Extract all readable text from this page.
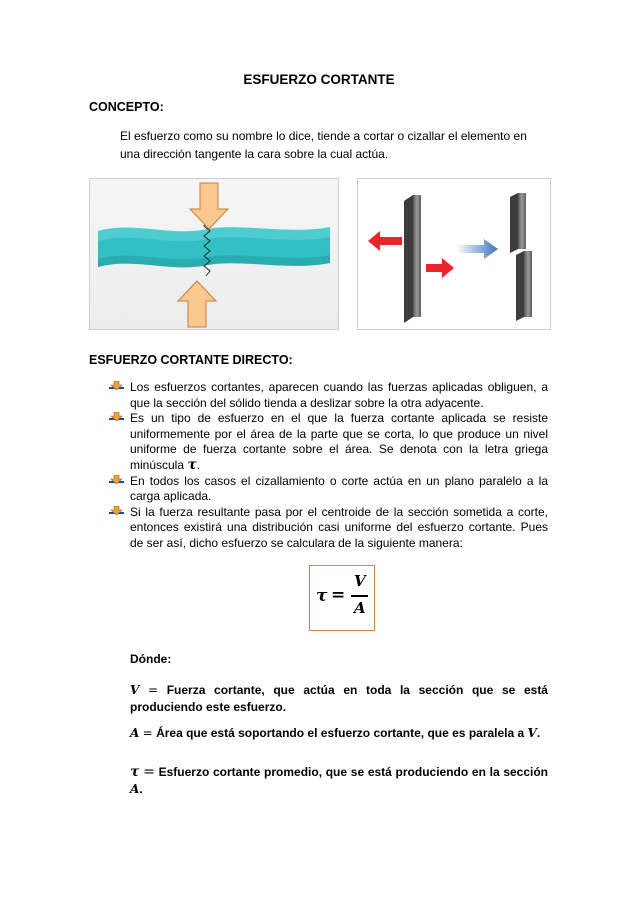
ESFUERZO CORTANTE
CONCEPTO:
El esfuerzo como su nombre lo dice, tiende a cortar o cizallar el elemento en una dirección tangente la cara sobre la cual actúa.
ESFUERZO CORTANTE DIRECTO:
Los esfuerzos cortantes, aparecen cuando las fuerzas aplicadas obliguen, a que la sección del sólido tienda a deslizar sobre la otra adyacente.
Es un tipo de esfuerzo en el que la fuerza cortante aplicada se resiste uniformemente por el área de la parte que se corta, lo que produce un nivel uniforme de fuerza cortante sobre el área. Se denota con la letra griega minúscula τ.
En todos los casos el cizallamiento o corte actúa en un plano paralelo a la carga aplicada.
Si la fuerza resultante pasa por el centroide de la sección sometida a corte, entonces existirá una distribución casi uniforme del esfuerzo cortante. Pues de ser así, dicho esfuerzo se calculara de la siguiente manera:
τ =
V
A
Dónde:
V = Fuerza cortante, que actúa en toda la sección que se está produciendo este esfuerzo.
A = Área que está soportando el esfuerzo cortante, que es paralela a V.
τ = Esfuerzo cortante promedio, que se está produciendo en la sección A.
